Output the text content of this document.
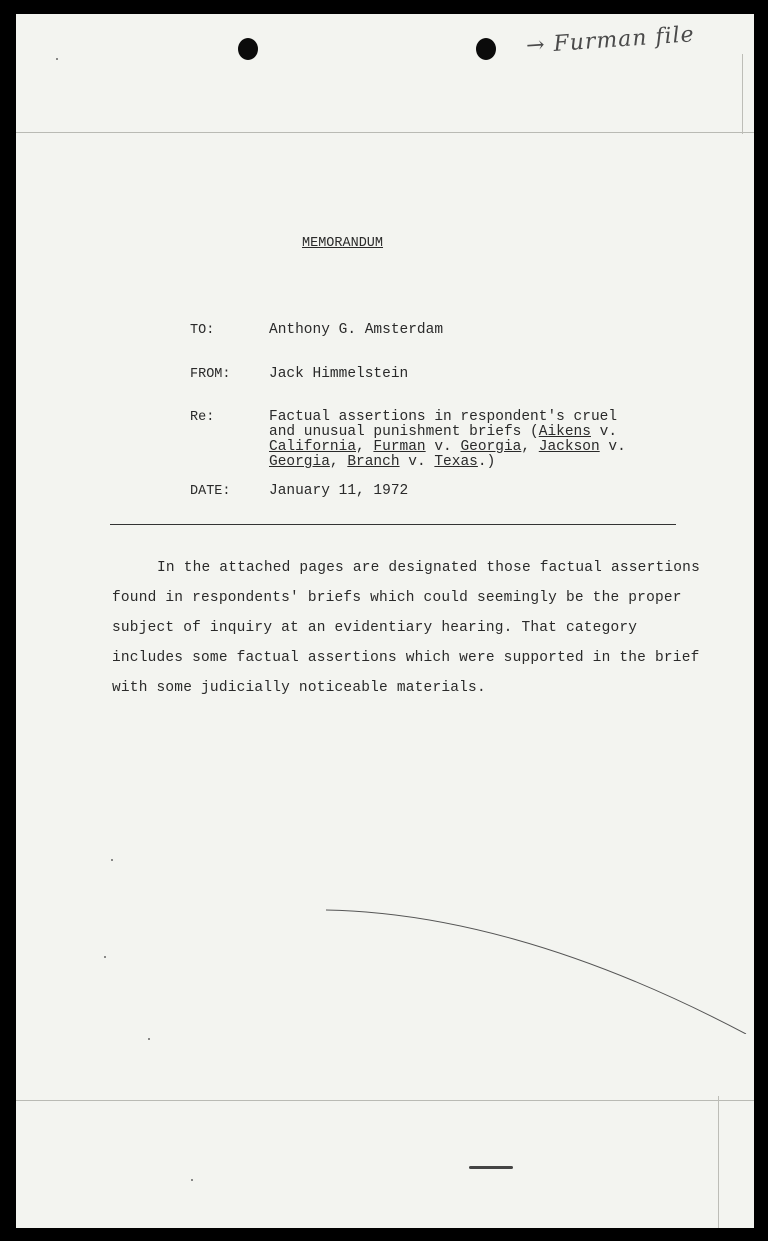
→ Furman file
MEMORANDUM
TO:	Anthony G. Amsterdam
FROM:	Jack Himmelstein
Re:	Factual assertions in respondent's cruel and unusual punishment briefs (Aikens v. California, Furman v. Georgia, Jackson v. Georgia, Branch v. Texas.)
DATE:	January 11, 1972

In the attached pages are designated those factual assertions found in respondents' briefs which could seemingly be the proper subject of inquiry at an evidentiary hearing. That category includes some factual assertions which were supported in the brief with some judicially noticeable materials.
